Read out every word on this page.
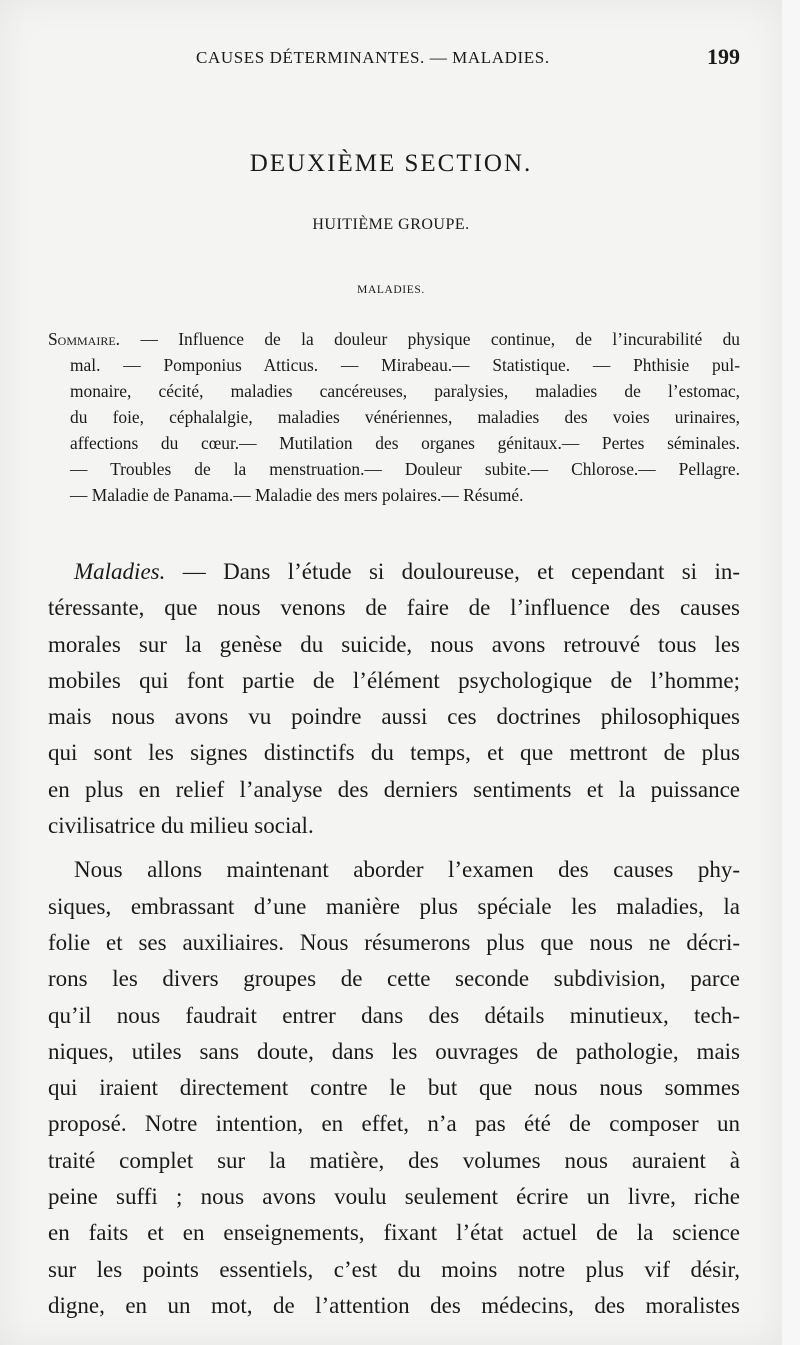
CAUSES DÉTERMINANTES. — MALADIES.	199
DEUXIÈME SECTION.
HUITIÈME GROUPE.
MALADIES.
Sommaire. — Influence de la douleur physique continue, de l’incurabilité du
mal. — Pomponius Atticus. — Mirabeau.— Statistique. — Phthisie pul-
monaire, cécité, maladies cancéreuses, paralysies, maladies de l’estomac,
du foie, céphalalgie, maladies vénériennes, maladies des voies urinaires,
affections du cœur.— Mutilation des organes génitaux.— Pertes séminales.
— Troubles de la menstruation.— Douleur subite.— Chlorose.— Pellagre.
— Maladie de Panama.— Maladie des mers polaires.— Résumé.
Maladies. — Dans l’étude si douloureuse, et cependant si in-
téressante, que nous venons de faire de l’influence des causes
morales sur la genèse du suicide, nous avons retrouvé tous les
mobiles qui font partie de l’élément psychologique de l’homme;
mais nous avons vu poindre aussi ces doctrines philosophiques
qui sont les signes distinctifs du temps, et que mettront de plus
en plus en relief l’analyse des derniers sentiments et la puissance
civilisatrice du milieu social.
Nous allons maintenant aborder l’examen des causes phy-
siques, embrassant d’une manière plus spéciale les maladies, la
folie et ses auxiliaires. Nous résumerons plus que nous ne décri-
rons les divers groupes de cette seconde subdivision, parce
qu’il nous faudrait entrer dans des détails minutieux, tech-
niques, utiles sans doute, dans les ouvrages de pathologie, mais
qui iraient directement contre le but que nous nous sommes
proposé. Notre intention, en effet, n’a pas été de composer un
traité complet sur la matière, des volumes nous auraient à
peine suffi ; nous avons voulu seulement écrire un livre, riche
en faits et en enseignements, fixant l’état actuel de la science
sur les points essentiels, c’est du moins notre plus vif désir,
digne, en un mot, de l’attention des médecins, des moralistes
